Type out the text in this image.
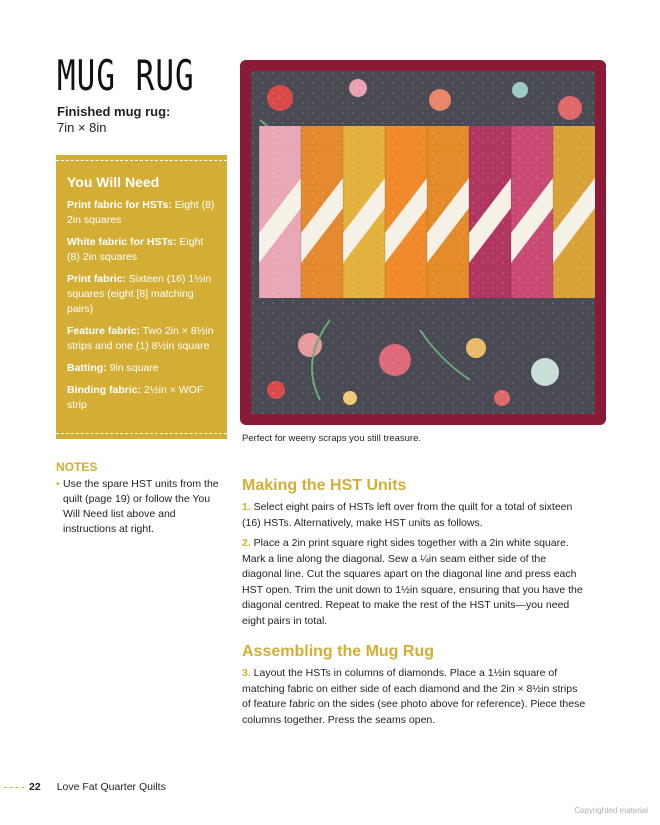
MUG RUG
Finished mug rug:
7in × 8in
You Will Need
Print fabric for HSTs: Eight (8) 2in squares
White fabric for HSTs: Eight (8) 2in squares
Print fabric: Sixteen (16) 1½in squares (eight [8] matching pairs)
Feature fabric: Two 2in × 8½in strips and one (1) 8½in square
Batting: 9in square
Binding fabric: 2½in × WOF strip
NOTES
• Use the spare HST units from the quilt (page 19) or follow the You Will Need list above and instructions at right.
Perfect for weeny scraps you still treasure.
Making the HST Units

1. Select eight pairs of HSTs left over from the quilt for a total of sixteen (16) HSTs. Alternatively, make HST units as follows.

2. Place a 2in print square right sides together with a 2in white square. Mark a line along the diagonal. Sew a ¼in seam either side of the diagonal line. Cut the squares apart on the diagonal line and press each HST open. Trim the unit down to 1½in square, ensuring that you have the diagonal centred. Repeat to make the rest of the HST units—you need eight pairs in total.

Assembling the Mug Rug

3. Layout the HSTs in columns of diamonds. Place a 1½in square of matching fabric on either side of each diamond and the 2in × 8½in strips of feature fabric on the sides (see photo above for reference). Piece these columns together. Press the seams open.

22 Love Fat Quarter Quilts
Copyrighted material
